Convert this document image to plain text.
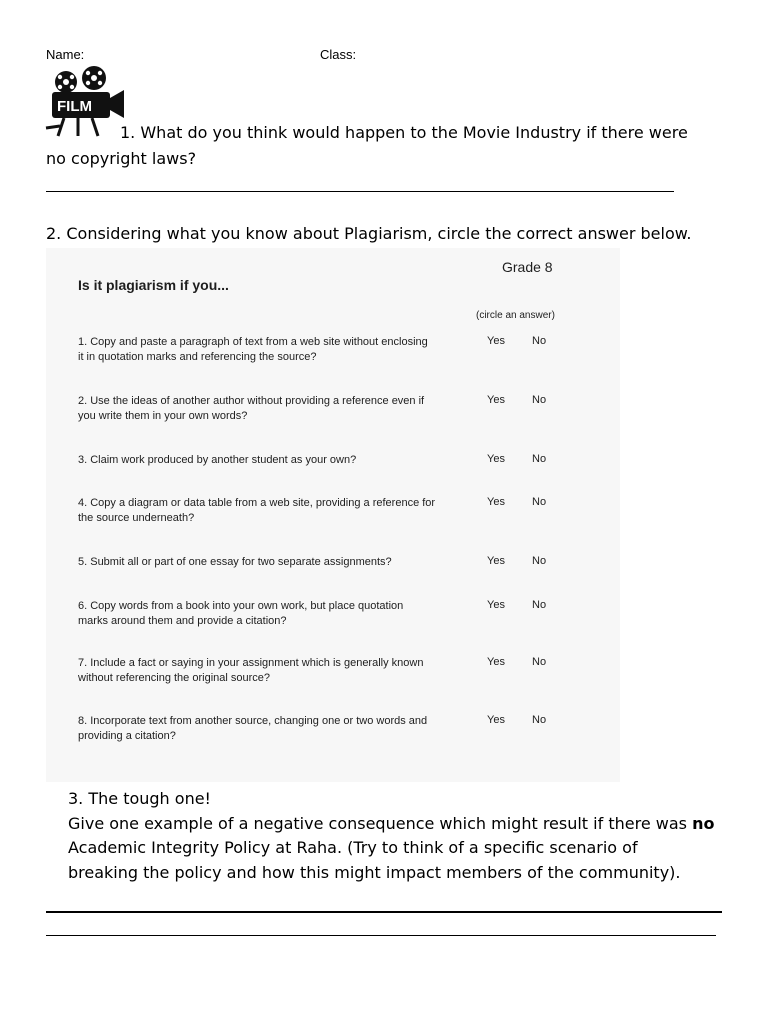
Name:	Class:
FILM
1. What do you think would happen to the Movie Industry if there were
no copyright laws?
2. Considering what you know about Plagiarism, circle the correct answer below.
Grade 8
Is it plagiarism if you...
(circle an answer)
1. Copy and paste a paragraph of text from a web site without enclosing
it in quotation marks and referencing the source?
Yes No
2. Use the ideas of another author without providing a reference even if
you write them in your own words?
Yes No
3. Claim work produced by another student as your own?	Yes No
4. Copy a diagram or data table from a web site, providing a reference for
the source underneath?
Yes No
5. Submit all or part of one essay for two separate assignments?	Yes No
6. Copy words from a book into your own work, but place quotation
marks around them and provide a citation?
Yes No
7. Include a fact or saying in your assignment which is generally known
without referencing the original source?
Yes No
8. Incorporate text from another source, changing one or two words and
providing a citation?
Yes No
3. The tough one!
Give one example of a negative consequence which might result if there was no
Academic Integrity Policy at Raha. (Try to think of a specific scenario of
breaking the policy and how this might impact members of the community).
